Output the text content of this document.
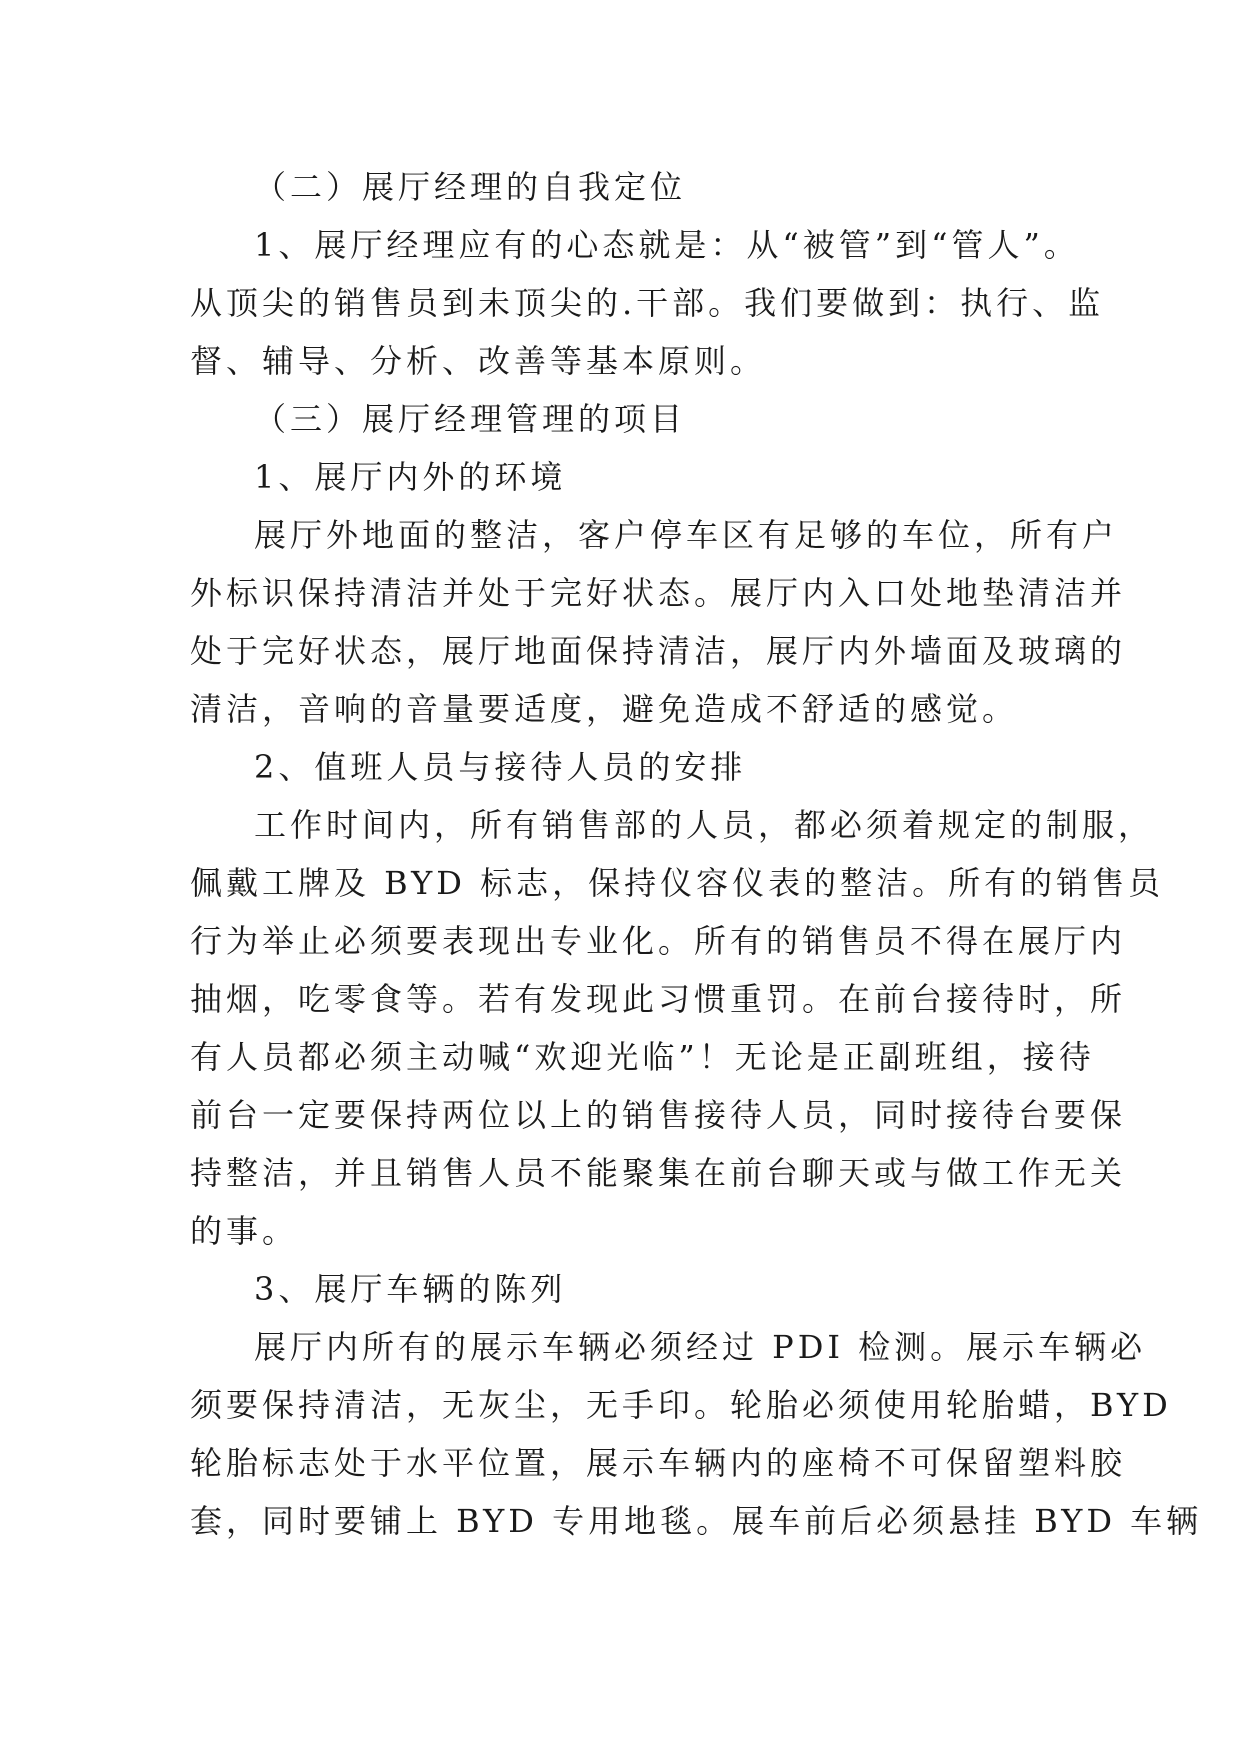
（二）展厅经理的自我定位
1、展厅经理应有的心态就是：从“被管”到“管人”。
从顶尖的销售员到未顶尖的.干部。我们要做到：执行、监
督、辅导、分析、改善等基本原则。
（三）展厅经理管理的项目
1、展厅内外的环境
展厅外地面的整洁，客户停车区有足够的车位，所有户
外标识保持清洁并处于完好状态。展厅内入口处地垫清洁并
处于完好状态，展厅地面保持清洁，展厅内外墙面及玻璃的
清洁，音响的音量要适度，避免造成不舒适的感觉。
2、值班人员与接待人员的安排
工作时间内，所有销售部的人员，都必须着规定的制服，
佩戴工牌及 BYD 标志，保持仪容仪表的整洁。所有的销售员
行为举止必须要表现出专业化。所有的销售员不得在展厅内
抽烟，吃零食等。若有发现此习惯重罚。在前台接待时，所
有人员都必须主动喊“欢迎光临”！无论是正副班组，接待
前台一定要保持两位以上的销售接待人员，同时接待台要保
持整洁，并且销售人员不能聚集在前台聊天或与做工作无关
的事。
3、展厅车辆的陈列
展厅内所有的展示车辆必须经过 PDI 检测。展示车辆必
须要保持清洁，无灰尘，无手印。轮胎必须使用轮胎蜡，BYD
轮胎标志处于水平位置，展示车辆内的座椅不可保留塑料胶
套，同时要铺上 BYD 专用地毯。展车前后必须悬挂 BYD 车辆
